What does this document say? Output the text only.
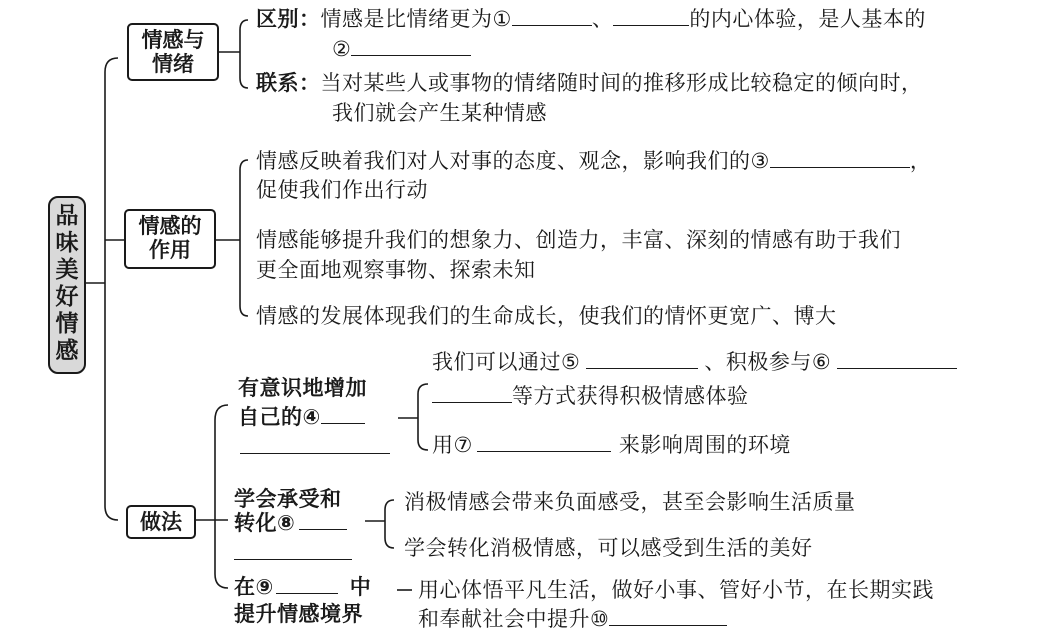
品味美好情感
情感与
情绪
区别：情感是比情绪更为①	、	的内心体验，是人基本的
②
联系：当对某些人或事物的情绪随时间的推移形成比较稳定的倾向时，
我们就会产生某种情感
情感的
作用
情感反映着我们对人对事的态度、观念，影响我们的③	，
促使我们作出行动
情感能够提升我们的想象力、创造力，丰富、深刻的情感有助于我们
更全面地观察事物、探索未知
情感的发展体现我们的生命成长，使我们的情怀更宽广、博大
做法
有意识地增加
自己的④
我们可以通过⑤	、积极参与⑥
等方式获得积极情感体验
用⑦	来影响周围的环境
学会承受和
转化⑧
消极情感会带来负面感受，甚至会影响生活质量
学会转化消极情感，可以感受到生活的美好
在⑨	中
提升情感境界
用心体悟平凡生活，做好小事、管好小节，在长期实践
和奉献社会中提升⑩
